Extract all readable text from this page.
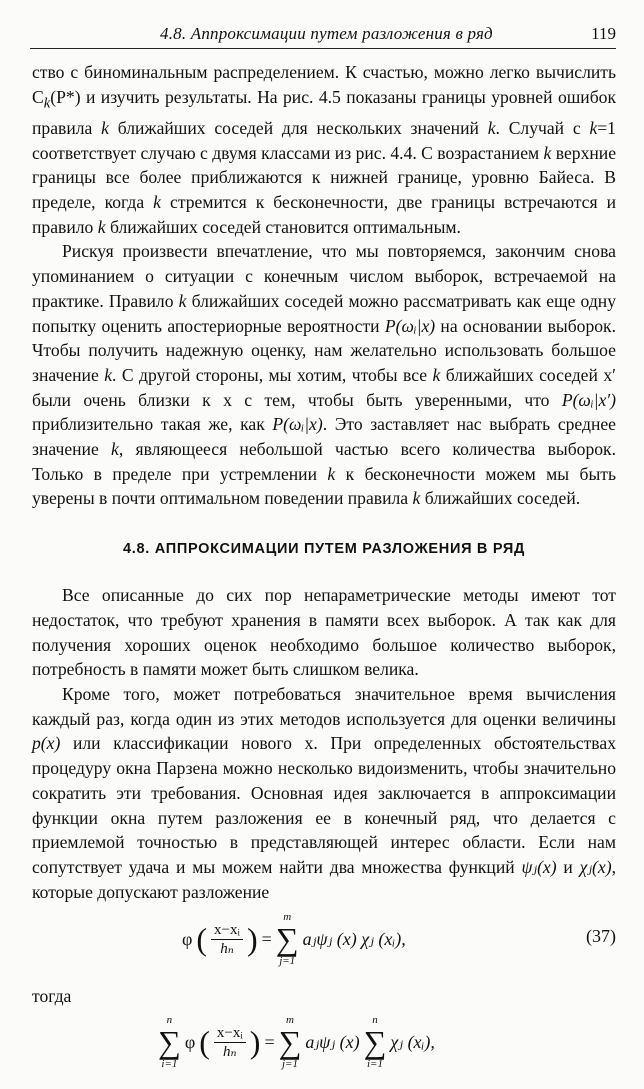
4.8. Аппроксимации путем разложения в ряд	119

ство с биноминальным распределением. К счастью, можно легко вычислить $C_k(P*)$ и изучить результаты. На рис. 4.5 показаны границы уровней ошибок правила k ближайших соседей для нескольких значений k. Случай с k=1 соответствует случаю с двумя классами из рис. 4.4. С возрастанием k верхние границы все более приближаются к нижней границе, уровню Байеса. В пределе, когда k стремится к бесконечности, две границы встречаются и правило k ближайших соседей становится оптимальным.

Рискуя произвести впечатление, что мы повторяемся, закончим снова упоминанием о ситуации с конечным числом выборок, встречаемой на практике. Правило k ближайших соседей можно рассматривать как еще одну попытку оценить апостериорные вероятности P(ωᵢ|x) на основании выборок. Чтобы получить надежную оценку, нам желательно использовать большое значение k. С другой стороны, мы хотим, чтобы все k ближайших соседей x′ были очень близки к x с тем, чтобы быть уверенными, что P(ωᵢ|x′) приблизительно такая же, как P(ωᵢ|x). Это заставляет нас выбрать среднее значение k, являющееся небольшой частью всего количества выборок. Только в пределе при устремлении k к бесконечности можем мы быть уверены в почти оптимальном поведении правила k ближайших соседей.

4.8. АППРОКСИМАЦИИ ПУТЕМ РАЗЛОЖЕНИЯ В РЯД

Все описанные до сих пор непараметрические методы имеют тот недостаток, что требуют хранения в памяти всех выборок. А так как для получения хороших оценок необходимо большое количество выборок, потребность в памяти может быть слишком велика.

Кроме того, может потребоваться значительное время вычисления каждый раз, когда один из этих методов используется для оценки величины p(x) или классификации нового x. При определенных обстоятельствах процедуру окна Парзена можно несколько видоизменить, чтобы значительно сократить эти требования. Основная идея заключается в аппроксимации функции окна путем разложения ее в конечный ряд, что делается с приемлемой точностью в представляющей интерес области. Если нам сопутствует удача и мы можем найти два множества функций ψⱼ(x) и χⱼ(x), которые допускают разложение

φ ( $\frac{\text{x−xᵢ}}{\text{hₙ}}$ ) =
m
∑
j=1
aⱼψⱼ (x) χⱼ (xᵢ),	(37)

тогда

n
∑
i=1
φ ( $\frac{\text{x−xᵢ}}{\text{hₙ}}$ ) =
m
∑
j=1
aⱼψⱼ (x)
n
∑
i=1
χⱼ (xᵢ),
